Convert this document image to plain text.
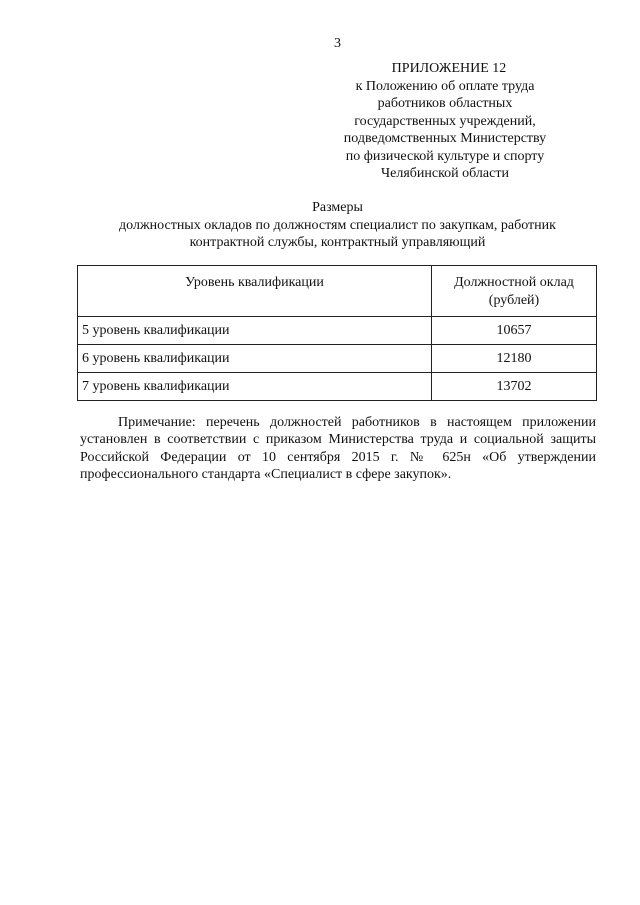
3
ПРИЛОЖЕНИЕ 12
к Положению об оплате труда
работников областных
государственных учреждений,
подведомственных Министерству
по физической культуре и спорту
Челябинской области
Размеры
должностных окладов по должностям специалист по закупкам, работник
контрактной службы, контрактный управляющий
Уровень квалификации	Должностной оклад
(рублей)

5 уровень квалификации	10657
6 уровень квалификации	12180
7 уровень квалификации	13702

Примечание: перечень должностей работников в настоящем приложении установлен в соответствии с приказом Министерства труда и социальной защиты Российской Федерации от 10 сентября 2015 г. № 625н «Об утверждении профессионального стандарта «Специалист в сфере закупок».
